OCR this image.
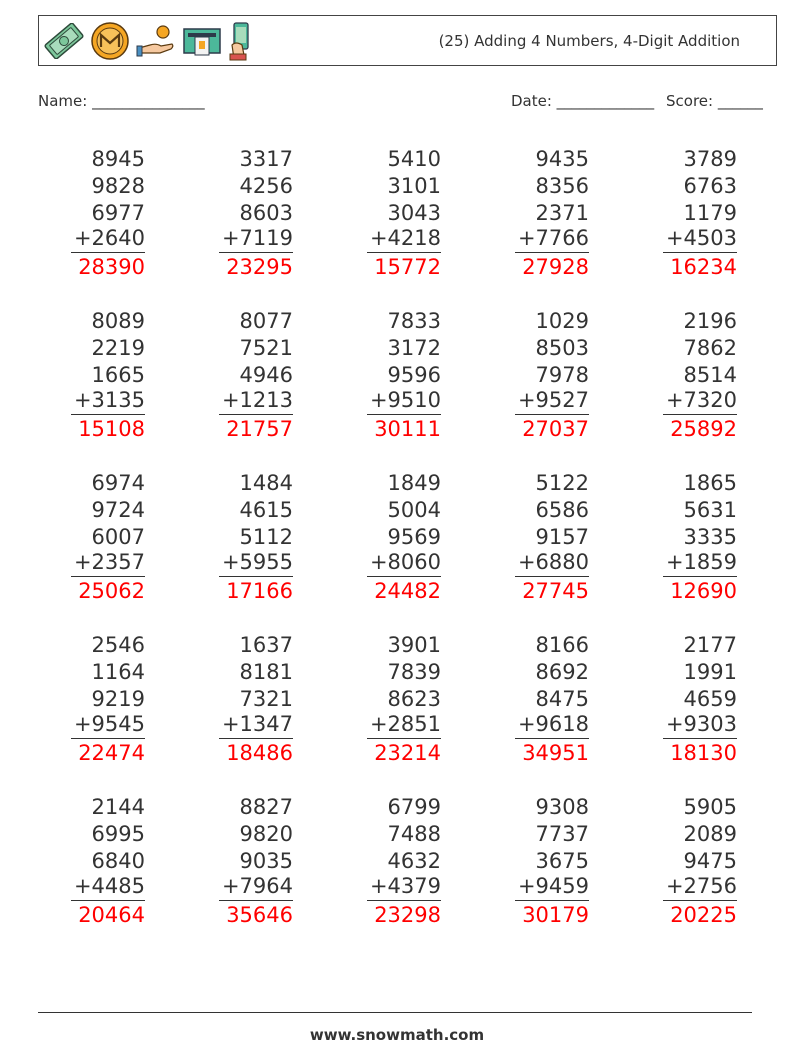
(25) Adding 4 Numbers, 4-Digit Addition
Name: _______________	Date: _____________ Score: ______
8945
9828
6977
+2640
28390
3317
4256
8603
+7119
23295
5410
3101
3043
+4218
15772
9435
8356
2371
+7766
27928
3789
6763
1179
+4503
16234
8089
2219
1665
+3135
15108
8077
7521
4946
+1213
21757
7833
3172
9596
+9510
30111
1029
8503
7978
+9527
27037
2196
7862
8514
+7320
25892
6974
9724
6007
+2357
25062
1484
4615
5112
+5955
17166
1849
5004
9569
+8060
24482
5122
6586
9157
+6880
27745
1865
5631
3335
+1859
12690
2546
1164
9219
+9545
22474
1637
8181
7321
+1347
18486
3901
7839
8623
+2851
23214
8166
8692
8475
+9618
34951
2177
1991
4659
+9303
18130
2144
6995
6840
+4485
20464
8827
9820
9035
+7964
35646
6799
7488
4632
+4379
23298
9308
7737
3675
+9459
30179
5905
2089
9475
+2756
20225
www.snowmath.com
